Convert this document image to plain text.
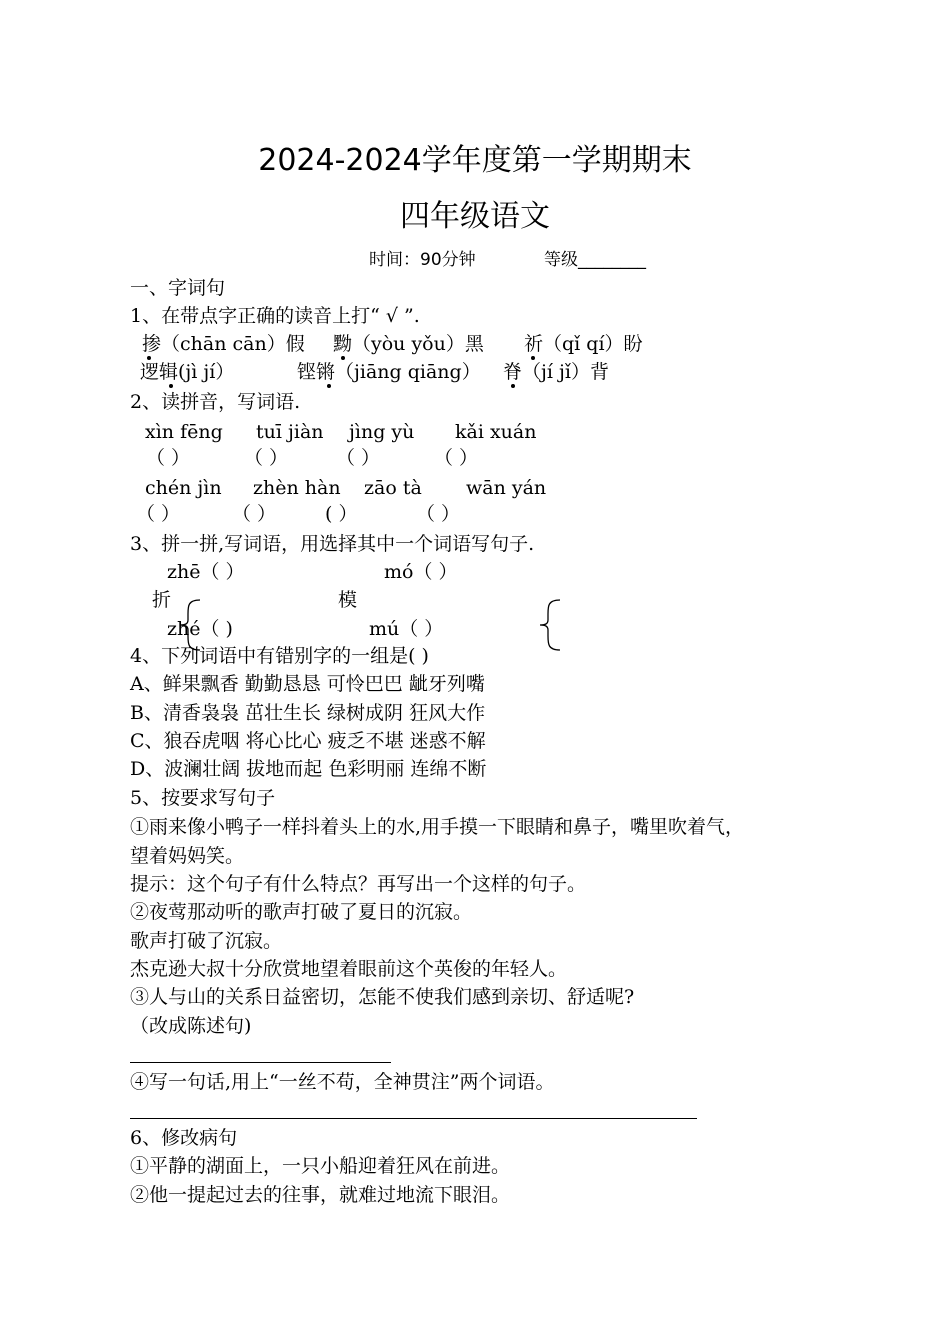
2024-2024学年度第一学期期末
四年级语文
时间：90分钟	等级________
一、字词句
1、在带点字正确的读音上打“ √ ”.
掺（chān cān）假 黝（yòu yǒu）黑 祈（qǐ qí）盼
逻辑(jì jí）	铿锵（jiāng qiāng） 脊（jí jǐ）背
2、读拼音，写词语.
xìn fēng tuī jiàn jìng yù kǎi xuán
（ ）	（ ）	（ ）	（ ）
chén jìn zhèn hàn zāo tà wān yán
（ ）	（ ）	( ）	（ ）
3、拼一拼,写词语，用选择其中一个词语写句子.
zhē（ ）	mó（ ）
折	模
zhé（ )	mú（ ）
4、下列词语中有错别字的一组是( )
A、鲜果飘香 勤勤恳恳 可怜巴巴 龇牙列嘴
B、清香袅袅 茁壮生长 绿树成阴 狂风大作
C、狼吞虎咽 将心比心 疲乏不堪 迷惑不解
D、波澜壮阔 拔地而起 色彩明丽 连绵不断
5、按要求写句子
①雨来像小鸭子一样抖着头上的水,用手摸一下眼睛和鼻子，嘴里吹着气，
望着妈妈笑。
提示：这个句子有什么特点？再写出一个这样的句子。
②夜莺那动听的歌声打破了夏日的沉寂。
歌声打破了沉寂。
杰克逊大叔十分欣赏地望着眼前这个英俊的年轻人。
③人与山的关系日益密切，怎能不使我们感到亲切、舒适呢?
（改成陈述句)
④写一句话,用上“一丝不苟，全神贯注”两个词语。
6、修改病句
①平静的湖面上，一只小船迎着狂风在前进。
②他一提起过去的往事，就难过地流下眼泪。
